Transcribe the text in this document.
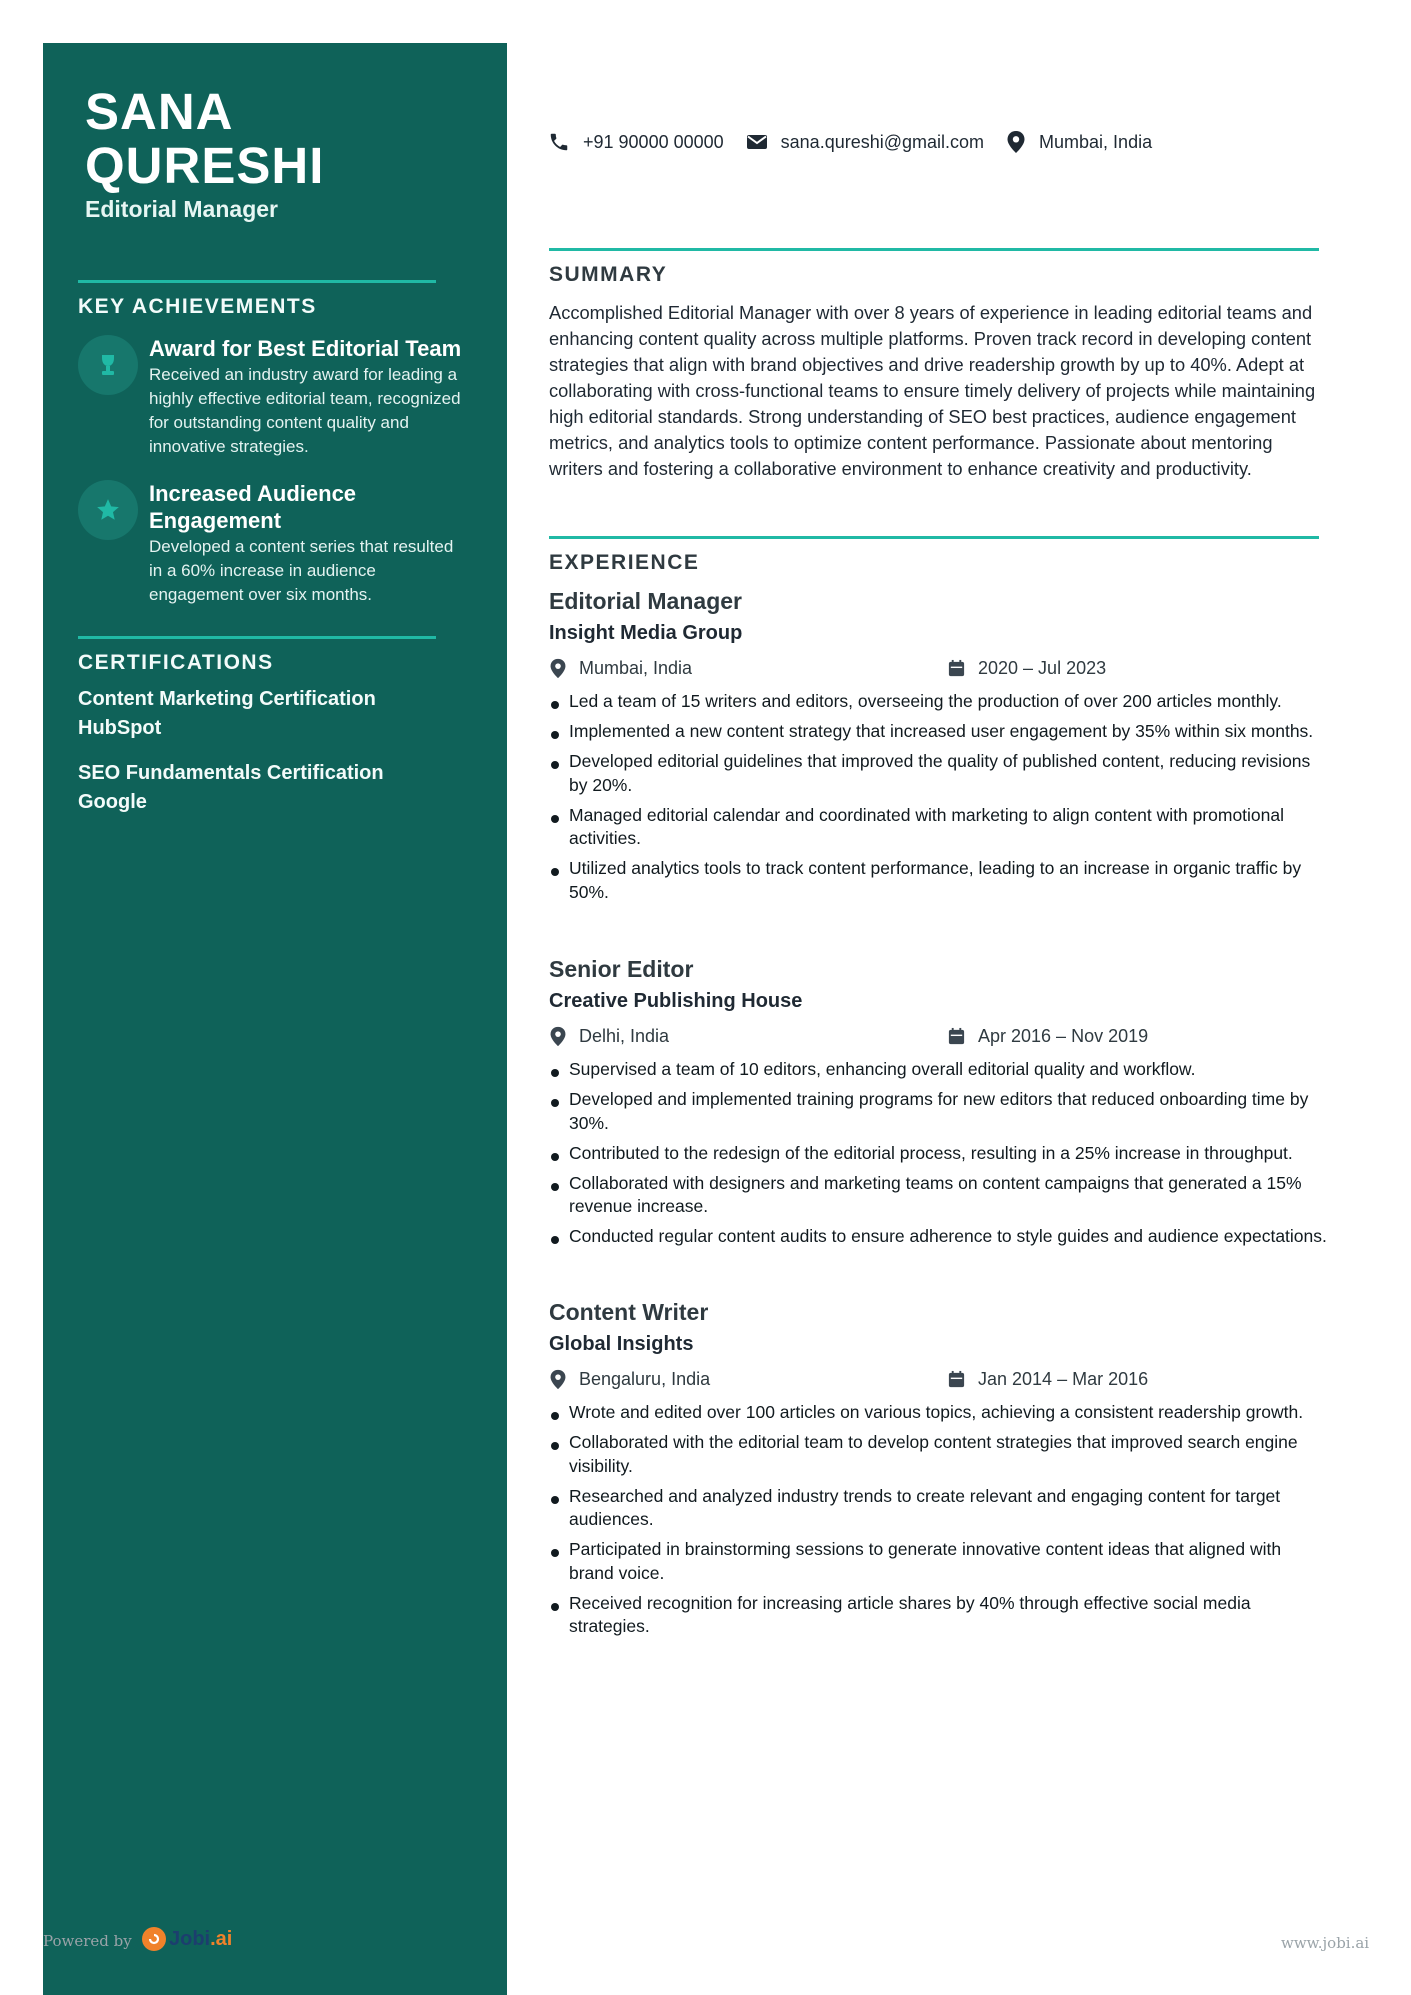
SANA
QURESHI
Editorial Manager
KEY ACHIEVEMENTS
Award for Best Editorial Team
Received an industry award for leading a highly effective editorial team, recognized for outstanding content quality and innovative strategies.
Increased Audience Engagement
Developed a content series that resulted in a 60% increase in audience engagement over six months.
CERTIFICATIONS
Content Marketing Certification
HubSpot
SEO Fundamentals Certification
Google
Powered by Jobi .ai	www.jobi.ai
+91 90000 00000	sana.qureshi@gmail.com	Mumbai, India
SUMMARY

Accomplished Editorial Manager with over 8 years of experience in leading editorial teams and enhancing content quality across multiple platforms. Proven track record in developing content strategies that align with brand objectives and drive readership growth by up to 40%. Adept at collaborating with cross-functional teams to ensure timely delivery of projects while maintaining high editorial standards. Strong understanding of SEO best practices, audience engagement metrics, and analytics tools to optimize content performance. Passionate about mentoring writers and fostering a collaborative environment to enhance creativity and productivity.

EXPERIENCE
Editorial Manager
Insight Media Group
Mumbai, India	2020 – Jul 2023
Led a team of 15 writers and editors, overseeing the production of over 200 articles monthly.
Implemented a new content strategy that increased user engagement by 35% within six months.
Developed editorial guidelines that improved the quality of published content, reducing revisions by 20%.
Managed editorial calendar and coordinated with marketing to align content with promotional activities.
Utilized analytics tools to track content performance, leading to an increase in organic traffic by 50%.
Senior Editor
Creative Publishing House
Delhi, India	Apr 2016 – Nov 2019
Supervised a team of 10 editors, enhancing overall editorial quality and workflow.
Developed and implemented training programs for new editors that reduced onboarding time by 30%.
Contributed to the redesign of the editorial process, resulting in a 25% increase in throughput.
Collaborated with designers and marketing teams on content campaigns that generated a 15% revenue increase.
Conducted regular content audits to ensure adherence to style guides and audience expectations.
Content Writer
Global Insights
Bengaluru, India	Jan 2014 – Mar 2016
Wrote and edited over 100 articles on various topics, achieving a consistent readership growth.
Collaborated with the editorial team to develop content strategies that improved search engine visibility.
Researched and analyzed industry trends to create relevant and engaging content for target audiences.
Participated in brainstorming sessions to generate innovative content ideas that aligned with brand voice.
Received recognition for increasing article shares by 40% through effective social media strategies.
